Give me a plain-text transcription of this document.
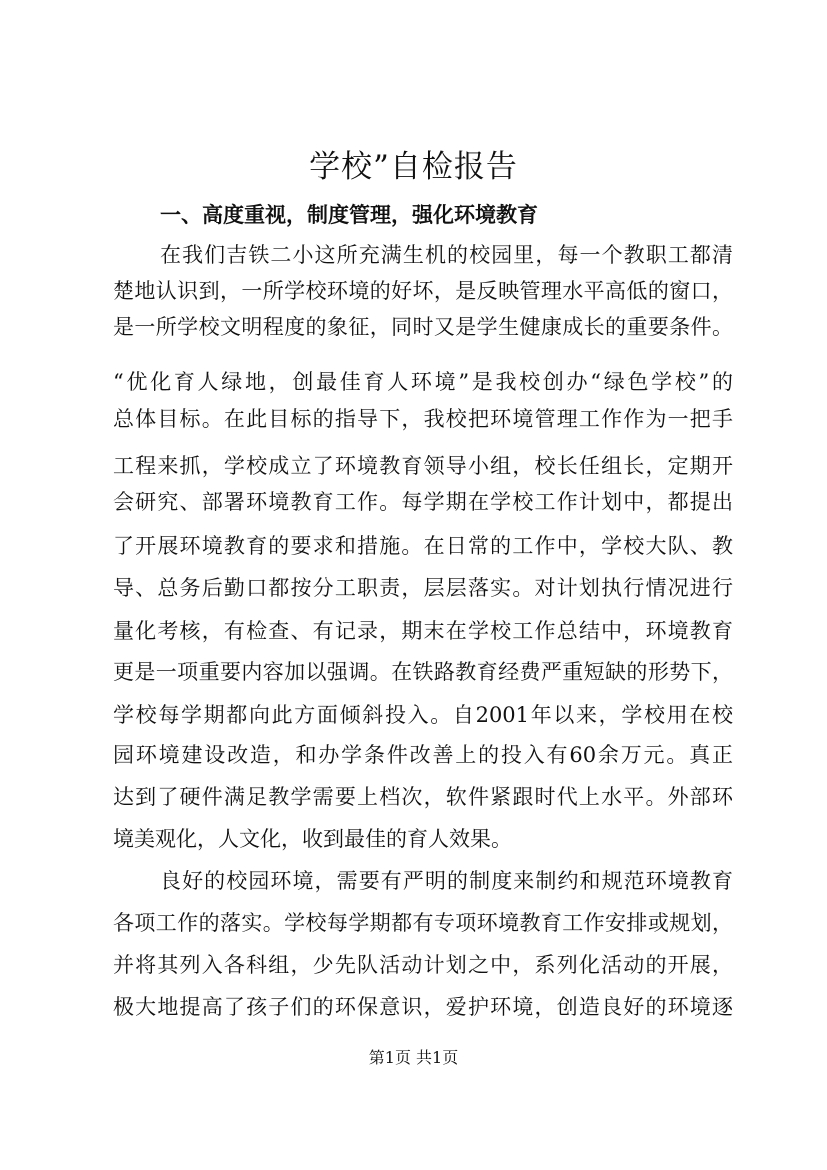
学校”自检报告
一、高度重视，制度管理，强化环境教育
在我们吉铁二小这所充满生机的校园里，每一个教职工都清
楚地认识到，一所学校环境的好坏，是反映管理水平高低的窗口，
是一所学校文明程度的象征，同时又是学生健康成长的重要条件。
“优化育人绿地，创最佳育人环境”是我校创办“绿色学校”的
总体目标。在此目标的指导下，我校把环境管理工作作为一把手
工程来抓，学校成立了环境教育领导小组，校长任组长，定期开
会研究、部署环境教育工作。每学期在学校工作计划中，都提出
了开展环境教育的要求和措施。在日常的工作中，学校大队、教
导、总务后勤口都按分工职责，层层落实。对计划执行情况进行
量化考核，有检查、有记录，期末在学校工作总结中，环境教育
更是一项重要内容加以强调。在铁路教育经费严重短缺的形势下，
学校每学期都向此方面倾斜投入。自2001年以来，学校用在校
园环境建设改造，和办学条件改善上的投入有60余万元。真正
达到了硬件满足教学需要上档次，软件紧跟时代上水平。外部环
境美观化，人文化，收到最佳的育人效果。
良好的校园环境，需要有严明的制度来制约和规范环境教育
各项工作的落实。学校每学期都有专项环境教育工作安排或规划，
并将其列入各科组，少先队活动计划之中，系列化活动的开展，
极大地提高了孩子们的环保意识，爱护环境，创造良好的环境逐
第1页 共1页
